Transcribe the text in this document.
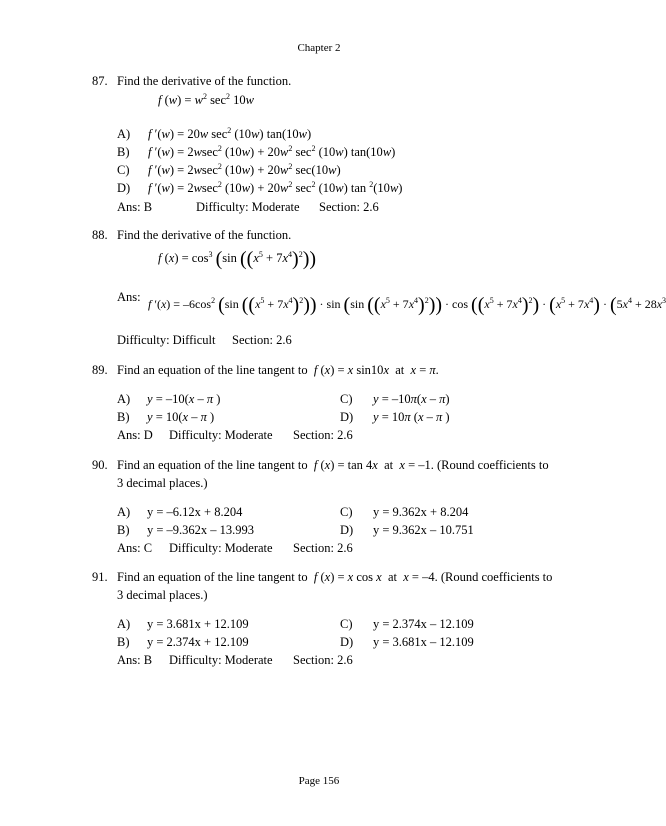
Chapter 2
87. Find the derivative of the function.
f $(w) = w^2$ $\sec^2 10w$
A) f ′(w) = 20w $\sec^2 (10w)$ tan(10w)
B) f ′(w) = 2wsec$^2$ $(10w) + 20w^2$ $\sec^2 (10w)$ tan(10w)
C) f ′(w) = 2wsec$^2$ $(10w) + 20w^2$ sec(10w)
D) f ′(w) = 2wsec$^2$ $(10w) + 20w^2$ $\sec^2 (10w)$ tan $^2$(10w)
Ans: B	Difficulty: Moderate Section: 2.6
88. Find the derivative of the function.
f $(x) = \cos^3 (\sin$ $((x^5 + 7x^4)^2)$)
Ans: f $'(x) = -6\cos^2$ (sin $((x^5 + 7x^4)^2)) \cdot \sin (\sin$ $((x^5 + 7x^4)^2)) \cdot \cos ((x^5 + 7x^4)^2) \cdot (x^5 + 7x^4) \cdot (5x^4 + 28x^3$
Difficulty: Difficult Section: 2.6
89. Find an equation of the line tangent to f (x) = x sin10x at x = π.
A) y = –10(x – π )
B) y = 10(x – π )
C) y = –10π(x – π)
D) y = 10π (x – π )
Ans: D Difficulty: Moderate Section: 2.6
90. Find an equation of the line tangent to f (x) = tan 4x at x = –1. (Round coefficients to
3 decimal places.)
A) y = –6.12x + 8.204
B) y = –9.362x – 13.993
C) y = 9.362x + 8.204
D) y = 9.362x – 10.751
Ans: C Difficulty: Moderate Section: 2.6
91. Find an equation of the line tangent to f (x) = x cos x at x = –4. (Round coefficients to
3 decimal places.)
A) y = 3.681x + 12.109
B) y = 2.374x + 12.109
C) y = 2.374x – 12.109
D) y = 3.681x – 12.109
Ans: B Difficulty: Moderate Section: 2.6
Page 156
